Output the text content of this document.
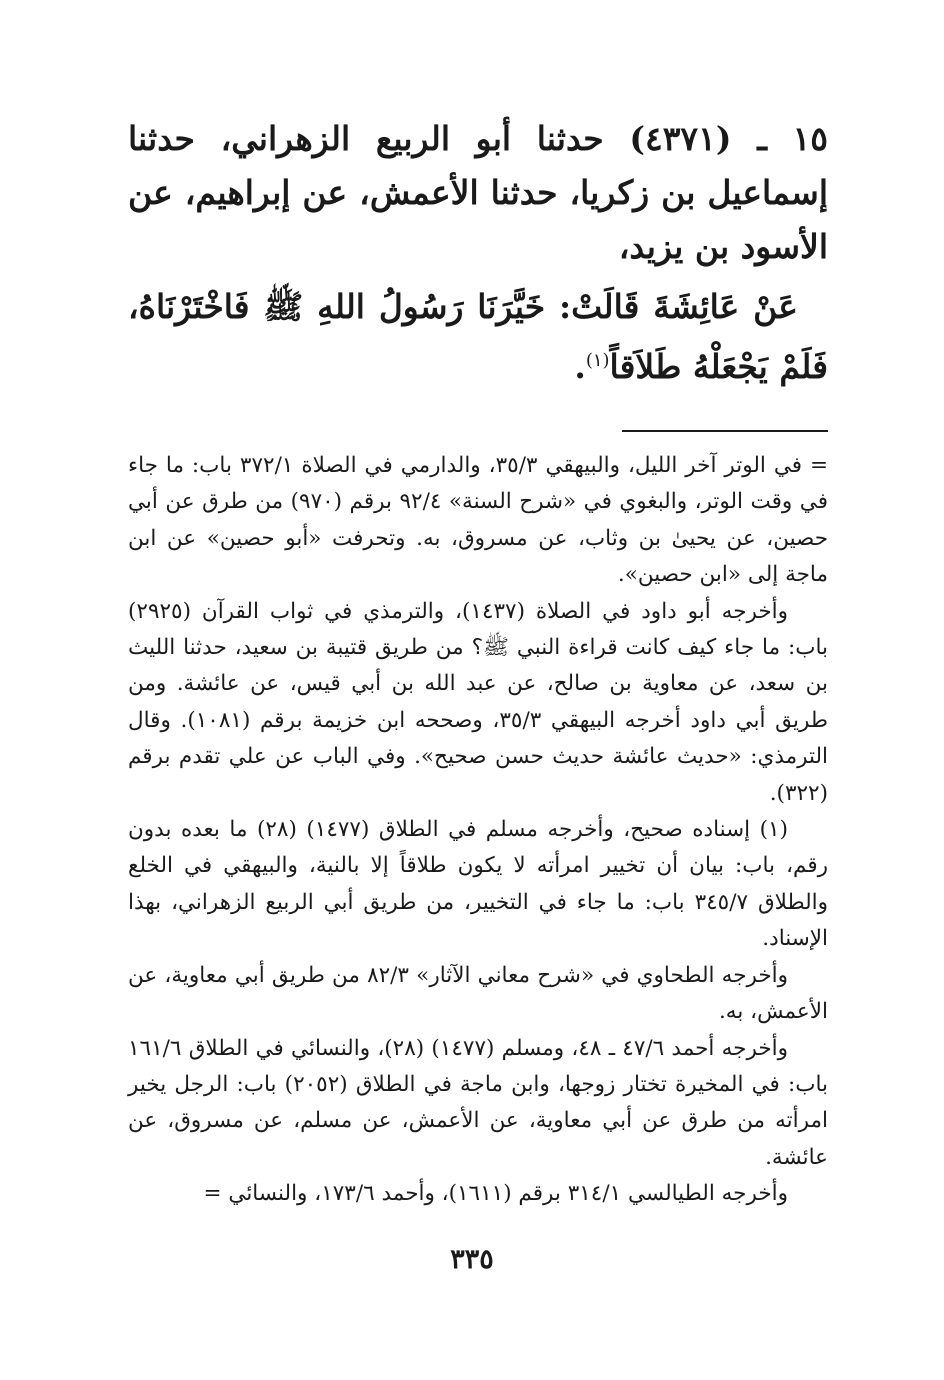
١٥ ـ (٤٣٧١) حدثنا أبو الربيع الزهراني، حدثنا إسماعيل بن زكريا، حدثنا الأعمش، عن إبراهيم، عن الأسود بن يزيد،

عَنْ عَائِشَةَ قَالَتْ: خَيَّرَنَا رَسُولُ اللهِ ﷺ فَاخْتَرْنَاهُ، فَلَمْ يَجْعَلْهُ طَلاَقاً$^{(١)}$.

= في الوتر آخر الليل، والبيهقي ٣٥/٣، والدارمي في الصلاة ٣٧٢/١ باب: ما جاء في وقت الوتر، والبغوي في «شرح السنة» ٩٢/٤ برقم (٩٧٠) من طرق عن أبي حصين، عن يحيىٰ بن وثاب، عن مسروق، به. وتحرفت «أبو حصين» عن ابن ماجة إلى «ابن حصين».

وأخرجه أبو داود في الصلاة (١٤٣٧)، والترمذي في ثواب القرآن (٢٩٢٥) باب: ما جاء كيف كانت قراءة النبي ﷺ؟ من طريق قتيبة بن سعيد، حدثنا الليث بن سعد، عن معاوية بن صالح، عن عبد الله بن أبي قيس، عن عائشة. ومن طريق أبي داود أخرجه البيهقي ٣٥/٣، وصححه ابن خزيمة برقم (١٠٨١). وقال الترمذي: «حديث عائشة حديث حسن صحيح». وفي الباب عن علي تقدم برقم (٣٢٢).

(١) إسناده صحيح، وأخرجه مسلم في الطلاق (١٤٧٧) (٢٨) ما بعده بدون رقم، باب: بيان أن تخيير امرأته لا يكون طلاقاً إلا بالنية، والبيهقي في الخلع والطلاق ٣٤٥/٧ باب: ما جاء في التخيير، من طريق أبي الربيع الزهراني، بهذا الإسناد.

وأخرجه الطحاوي في «شرح معاني الآثار» ٨٢/٣ من طريق أبي معاوية، عن الأعمش، به.

وأخرجه أحمد ٤٧/٦ ـ ٤٨، ومسلم (١٤٧٧) (٢٨)، والنسائي في الطلاق ١٦١/٦ باب: في المخيرة تختار زوجها، وابن ماجة في الطلاق (٢٠٥٢) باب: الرجل يخير امرأته من طرق عن أبي معاوية، عن الأعمش، عن مسلم، عن مسروق، عن عائشة.

وأخرجه الطيالسي ٣١٤/١ برقم (١٦١١)، وأحمد ١٧٣/٦، والنسائي =

٣٣٥
